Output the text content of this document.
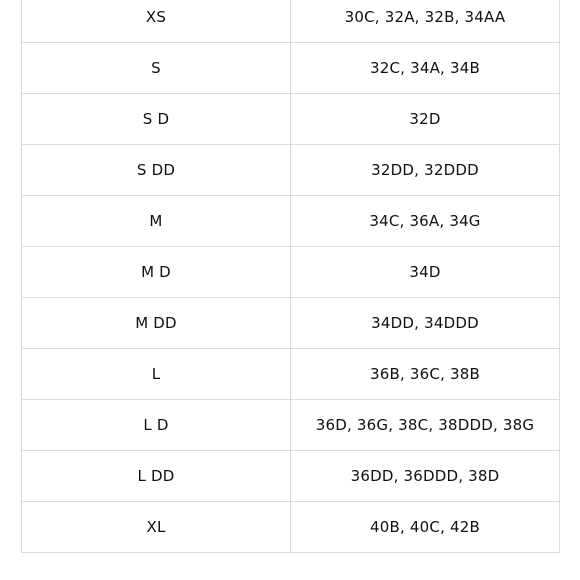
XS	30C, 32A, 32B, 34AA
S	32C, 34A, 34B
S D	32D
S DD	32DD, 32DDD
M	34C, 36A, 34G
M D	34D
M DD	34DD, 34DDD
L	36B, 36C, 38B
L D	36D, 36G, 38C, 38DDD, 38G
L DD	36DD, 36DDD, 38D
XL	40B, 40C, 42B
